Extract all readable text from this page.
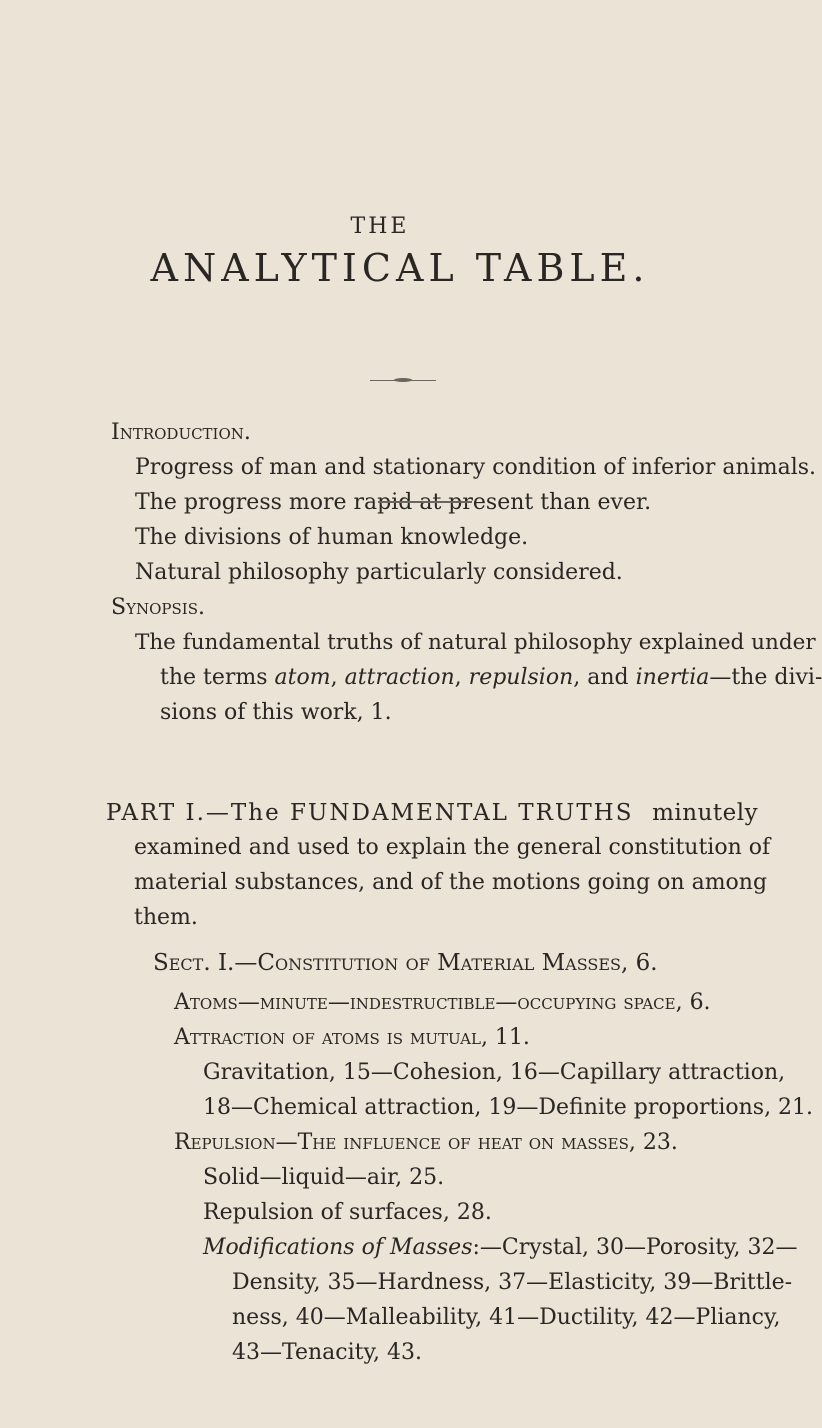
THE
ANALYTICAL TABLE.
Introduction.
Progress of man and stationary condition of inferior animals.
The progress more rapid at present than ever.
The divisions of human knowledge.
Natural philosophy particularly considered.
Synopsis.
The fundamental truths of natural philosophy explained under
the terms atom, attraction, repulsion, and inertia—the divi-
sions of this work, 1.
PART I.—The FUNDAMENTAL TRUTHS minutely
examined and used to explain the general constitution of
material substances, and of the motions going on among
them.
Sect. I.—Constitution of Material Masses, 6.
Atoms—minute—indestructible—occupying space, 6.
Attraction of atoms is mutual, 11.
Gravitation, 15—Cohesion, 16—Capillary attraction,
18—Chemical attraction, 19—Definite proportions, 21.
Repulsion—The influence of heat on masses, 23.
Solid—liquid—air, 25.
Repulsion of surfaces, 28.
Modifications of Masses:—Crystal, 30—Porosity, 32—
Density, 35—Hardness, 37—Elasticity, 39—Brittle-
ness, 40—Malleability, 41—Ductility, 42—Pliancy,
43—Tenacity, 43.
